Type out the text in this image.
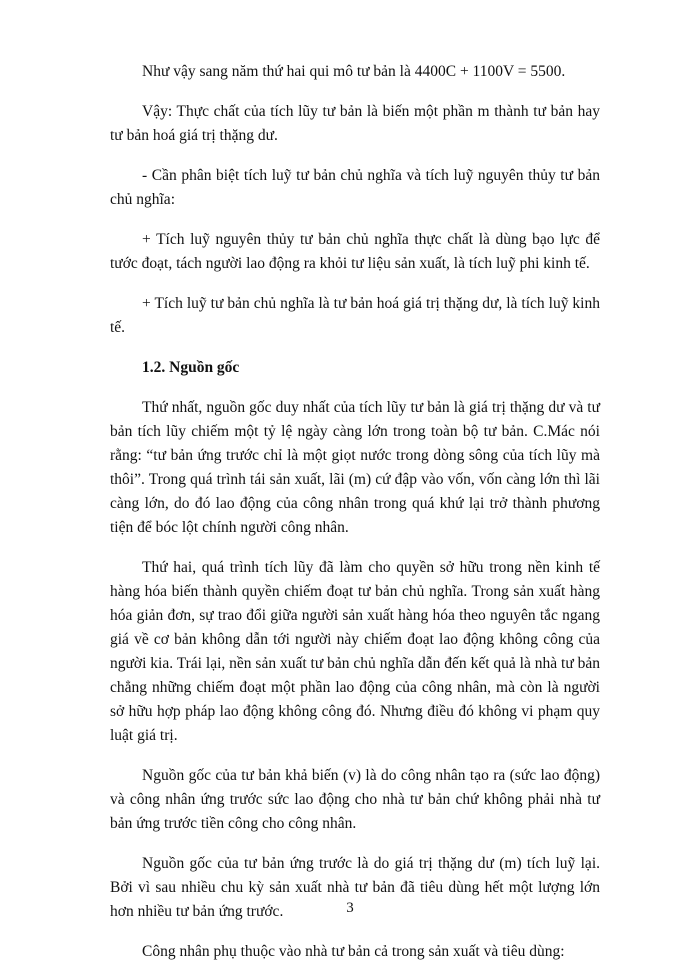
Như vậy sang năm thứ hai qui mô tư bản là 4400C + 1100V = 5500.

Vậy: Thực chất của tích lũy tư bản là biến một phần m thành tư bản hay tư bản hoá giá trị thặng dư.

- Cần phân biệt tích luỹ tư bản chủ nghĩa và tích luỹ nguyên thủy tư bản chủ nghĩa:

+ Tích luỹ nguyên thủy tư bản chủ nghĩa thực chất là dùng bạo lực để tước đoạt, tách người lao động ra khỏi tư liệu sản xuất, là tích luỹ phi kinh tế.

+ Tích luỹ tư bản chủ nghĩa là tư bản hoá giá trị thặng dư, là tích luỹ kinh tế.

1.2. Nguồn gốc

Thứ nhất, nguồn gốc duy nhất của tích lũy tư bản là giá trị thặng dư và tư bản tích lũy chiếm một tỷ lệ ngày càng lớn trong toàn bộ tư bản. C.Mác nói rằng: “tư bản ứng trước chỉ là một giọt nước trong dòng sông của tích lũy mà thôi”. Trong quá trình tái sản xuất, lãi (m) cứ đập vào vốn, vốn càng lớn thì lãi càng lớn, do đó lao động của công nhân trong quá khứ lại trở thành phương tiện để bóc lột chính người công nhân.

Thứ hai, quá trình tích lũy đã làm cho quyền sở hữu trong nền kinh tế hàng hóa biến thành quyền chiếm đoạt tư bản chủ nghĩa. Trong sản xuất hàng hóa giản đơn, sự trao đổi giữa người sản xuất hàng hóa theo nguyên tắc ngang giá về cơ bản không dẫn tới người này chiếm đoạt lao động không công của người kia. Trái lại, nền sản xuất tư bản chủ nghĩa dẫn đến kết quả là nhà tư bản chẳng những chiếm đoạt một phần lao động của công nhân, mà còn là người sở hữu hợp pháp lao động không công đó. Nhưng điều đó không vi phạm quy luật giá trị.

Nguồn gốc của tư bản khả biến (v) là do công nhân tạo ra (sức lao động) và công nhân ứng trước sức lao động cho nhà tư bản chứ không phải nhà tư bản ứng trước tiền công cho công nhân.

Nguồn gốc của tư bản ứng trước là do giá trị thặng dư (m) tích luỹ lại. Bởi vì sau nhiều chu kỳ sản xuất nhà tư bản đã tiêu dùng hết một lượng lớn hơn nhiều tư bản ứng trước.

Công nhân phụ thuộc vào nhà tư bản cả trong sản xuất và tiêu dùng:

3
